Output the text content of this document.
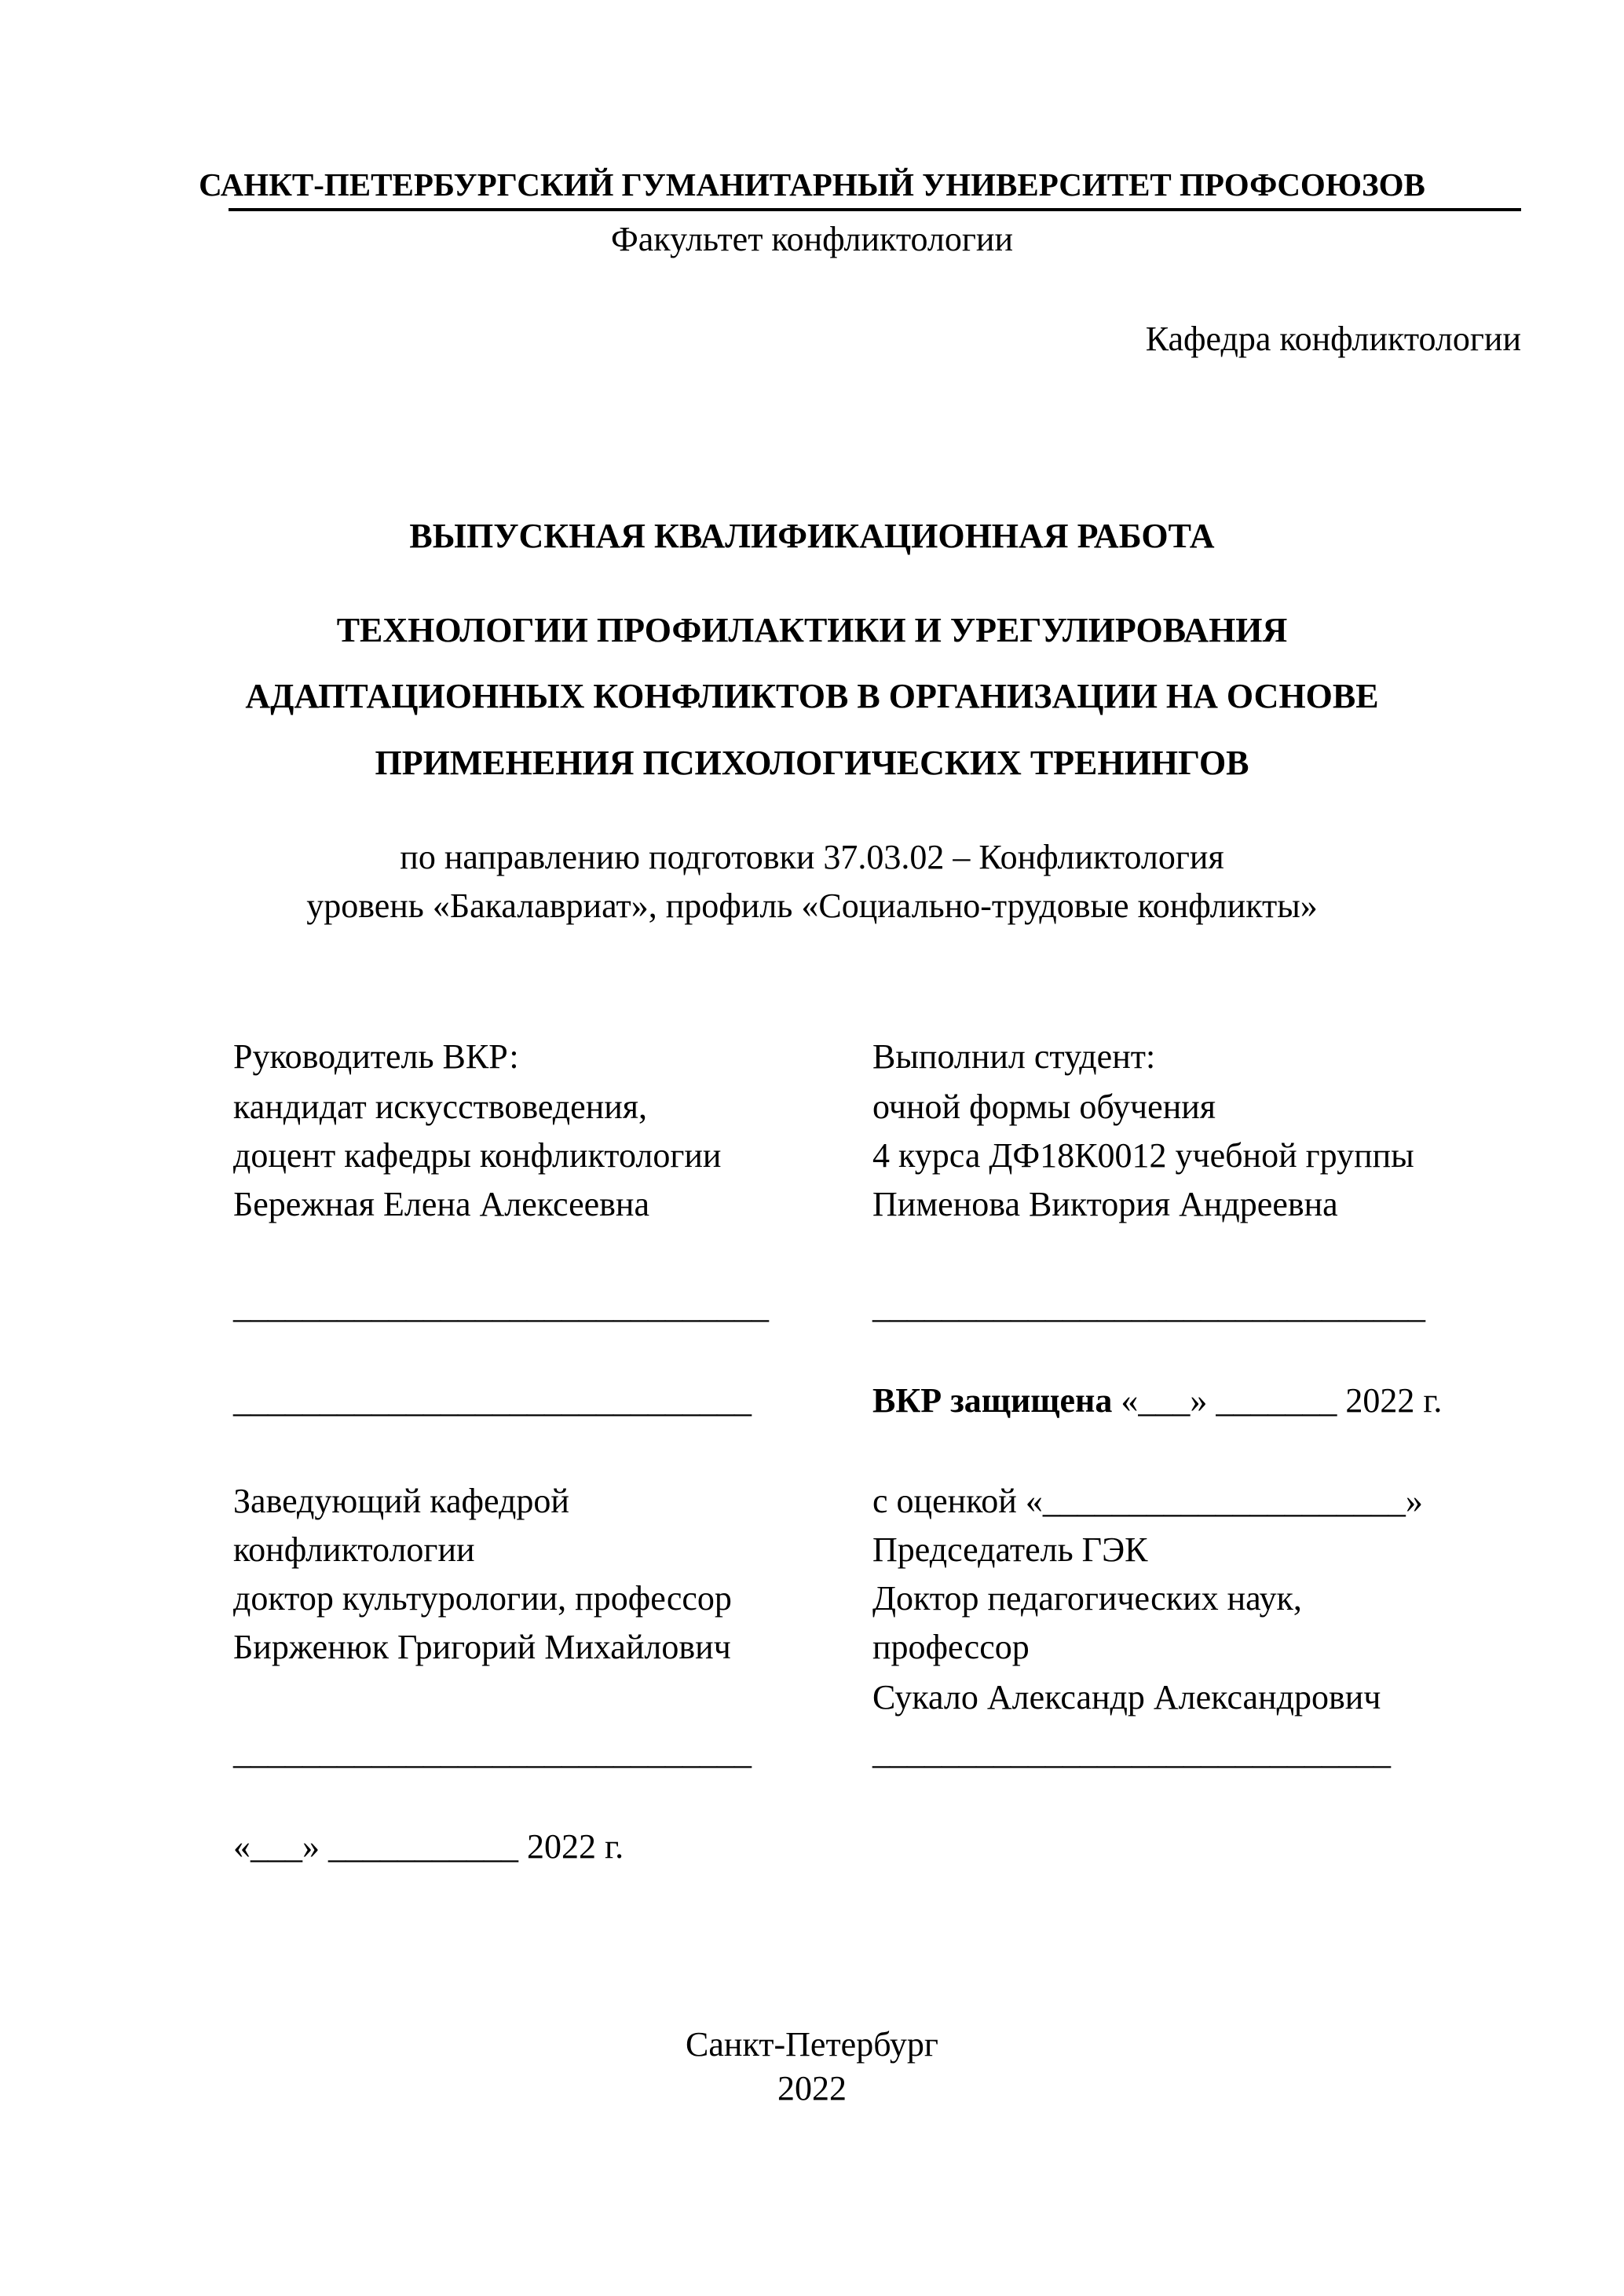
САНКТ-ПЕТЕРБУРГСКИЙ ГУМАНИТАРНЫЙ УНИВЕРСИТЕТ ПРОФСОЮЗОВ
Факультет конфликтологии
Кафедра конфликтологии
ВЫПУСКНАЯ КВАЛИФИКАЦИОННАЯ РАБОТА
ТЕХНОЛОГИИ ПРОФИЛАКТИКИ И УРЕГУЛИРОВАНИЯ
АДАПТАЦИОННЫХ КОНФЛИКТОВ В ОРГАНИЗАЦИИ НА ОСНОВЕ
ПРИМЕНЕНИЯ ПСИХОЛОГИЧЕСКИХ ТРЕНИНГОВ
по направлению подготовки 37.03.02 – Конфликтология
уровень «Бакалавриат», профиль «Социально-трудовые конфликты»
Руководитель ВКР:
кандидат искусствоведения,
доцент кафедры конфликтологии
Бережная Елена Алексеевна
_______________________________
______________________________
Выполнил студент:
очной формы обучения
4 курса ДФ18К0012 учебной группы
Пименова Виктория Андреевна
________________________________
ВКР защищена «___» _______ 2022 г.
Заведующий кафедрой
конфликтологии
доктор культурологии, профессор
Бирженюк Григорий Михайлович
______________________________
«___» ___________ 2022 г.
с оценкой «_____________________»
Председатель ГЭК
Доктор педагогических наук,
профессор
Сукало Александр Александрович
______________________________
Санкт-Петербург
2022
